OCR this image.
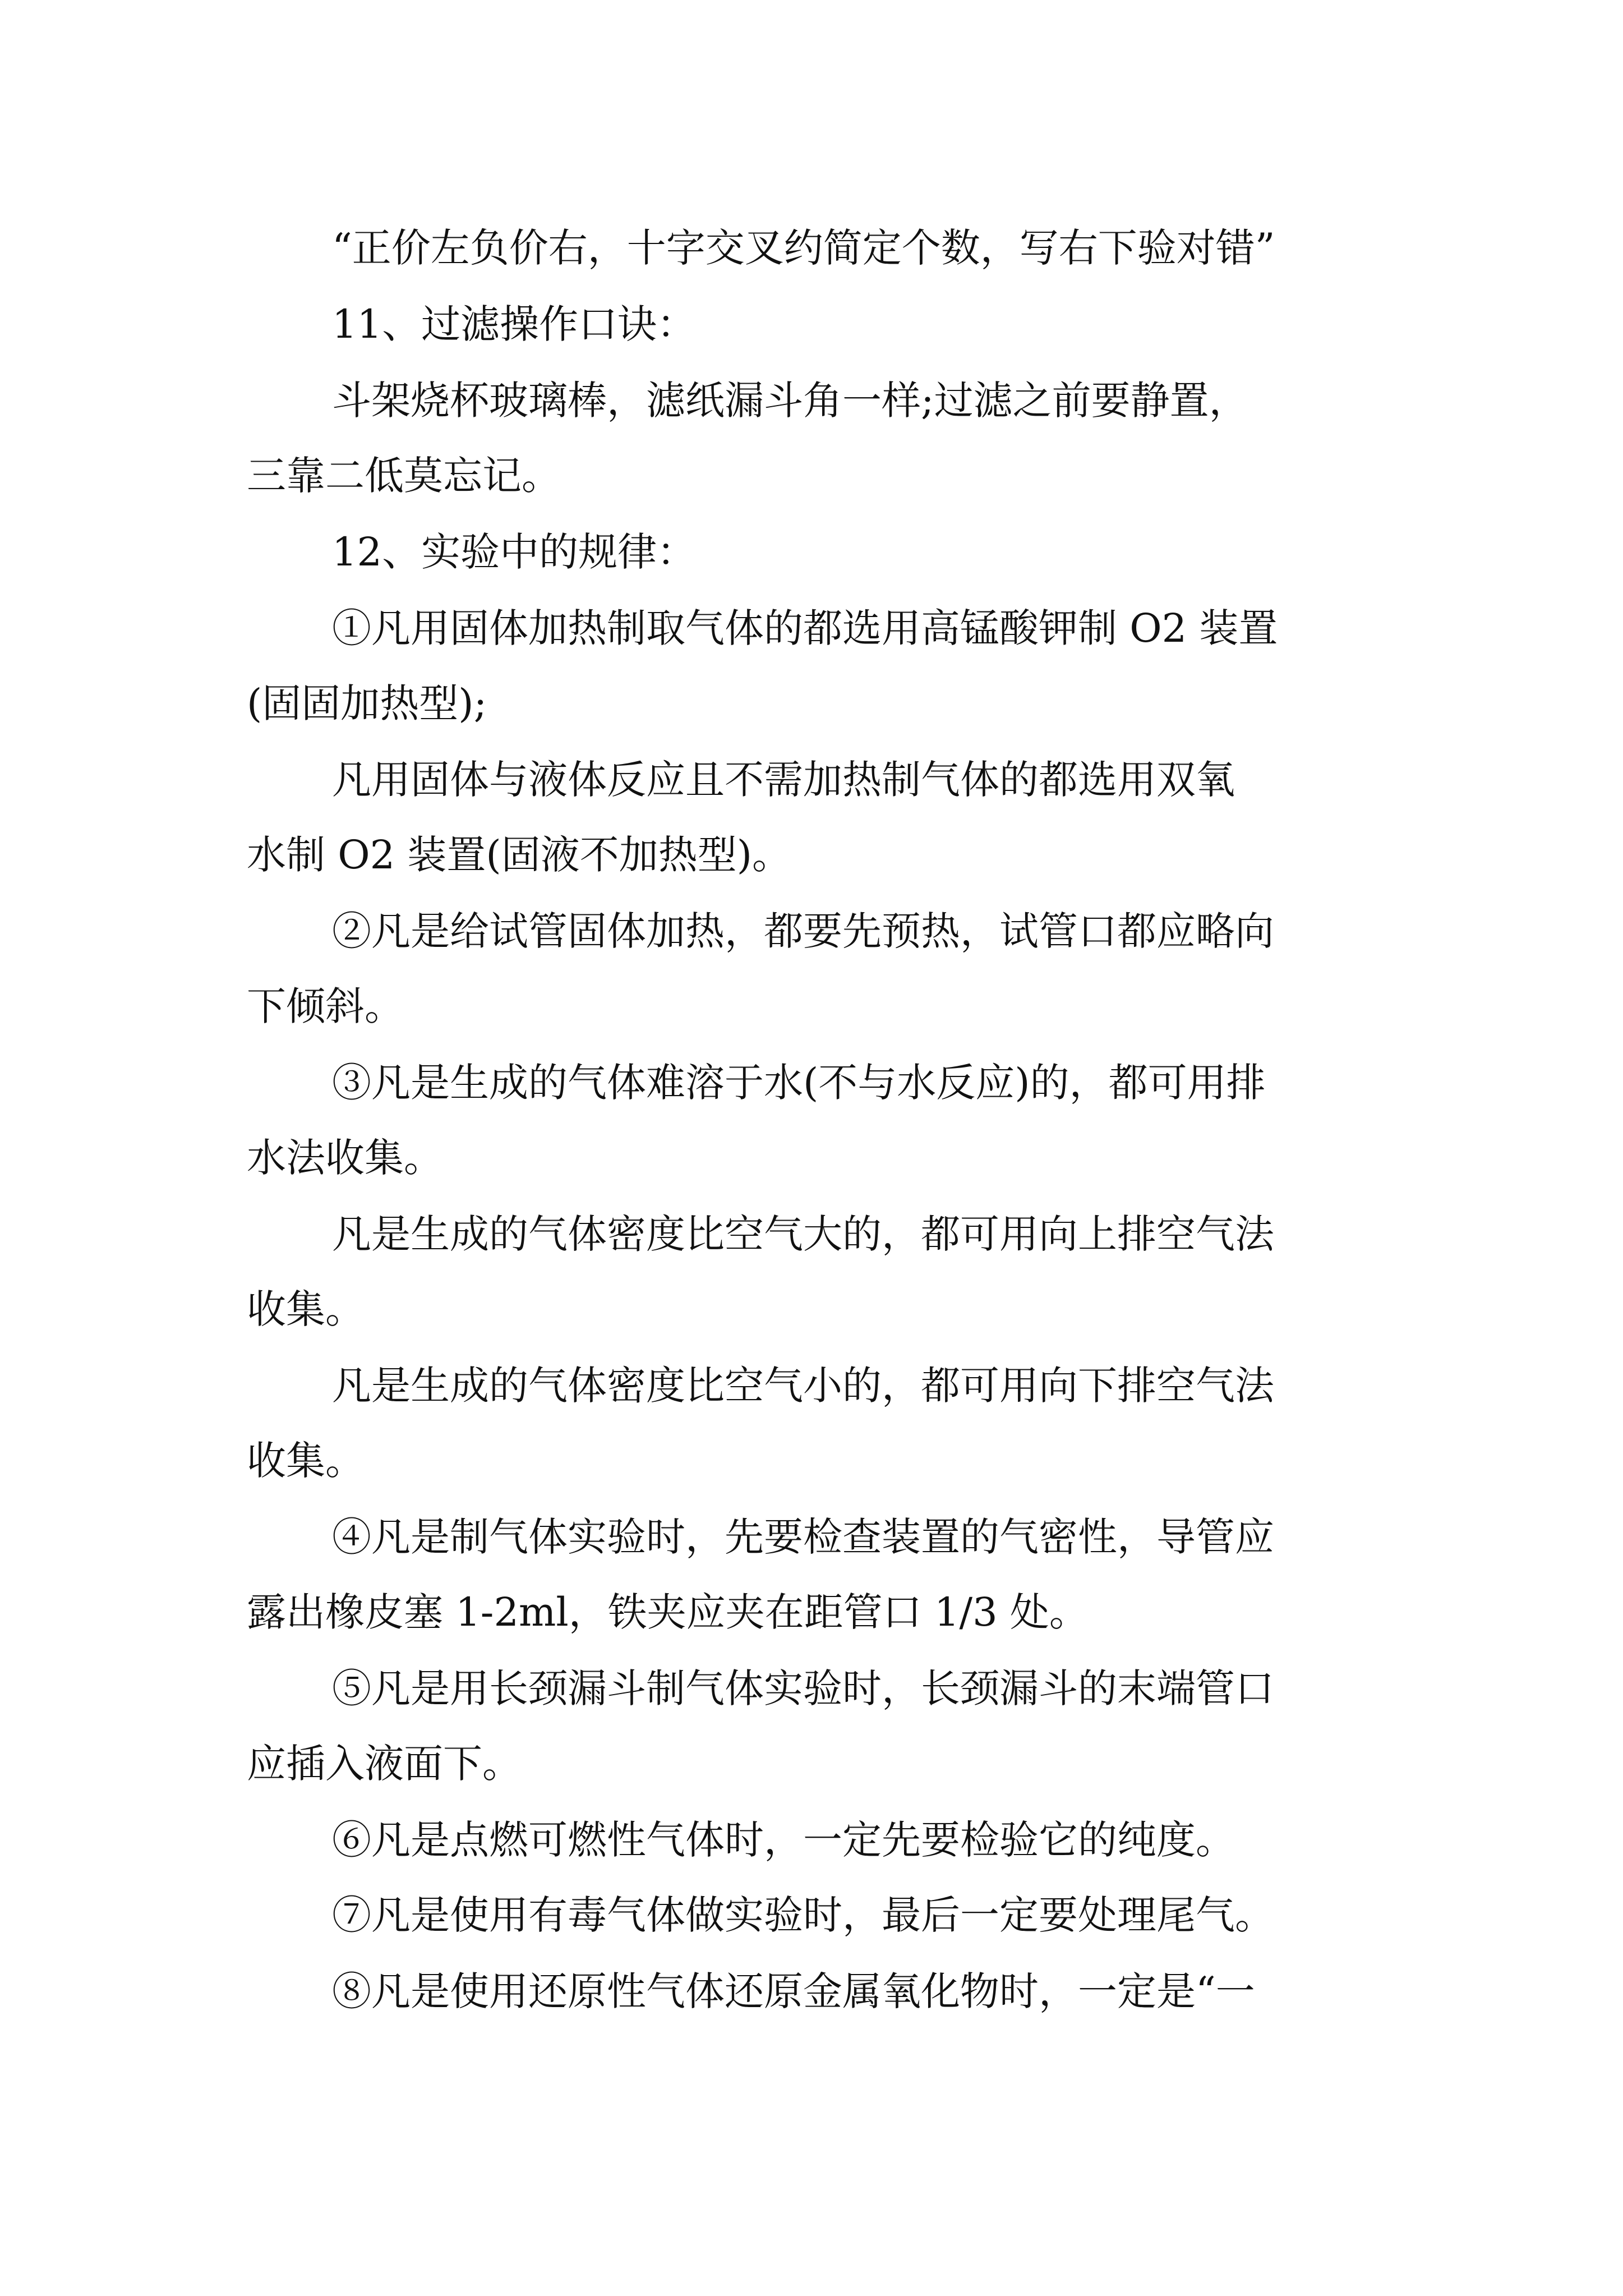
“正价左负价右，十字交叉约简定个数，写右下验对错”
11、过滤操作口诀：
斗架烧杯玻璃棒，滤纸漏斗角一样;过滤之前要静置，
三靠二低莫忘记。
12、实验中的规律：
①凡用固体加热制取气体的都选用高锰酸钾制 O2 装置
(固固加热型);
凡用固体与液体反应且不需加热制气体的都选用双氧
水制 O2 装置(固液不加热型)。
②凡是给试管固体加热，都要先预热，试管口都应略向
下倾斜。
③凡是生成的气体难溶于水(不与水反应)的，都可用排
水法收集。
凡是生成的气体密度比空气大的，都可用向上排空气法
收集。
凡是生成的气体密度比空气小的，都可用向下排空气法
收集。
④凡是制气体实验时，先要检查装置的气密性，导管应
露出橡皮塞 1-2ml，铁夹应夹在距管口 1/3 处。
⑤凡是用长颈漏斗制气体实验时，长颈漏斗的末端管口
应插入液面下。
⑥凡是点燃可燃性气体时，一定先要检验它的纯度。
⑦凡是使用有毒气体做实验时，最后一定要处理尾气。
⑧凡是使用还原性气体还原金属氧化物时，一定是“一
